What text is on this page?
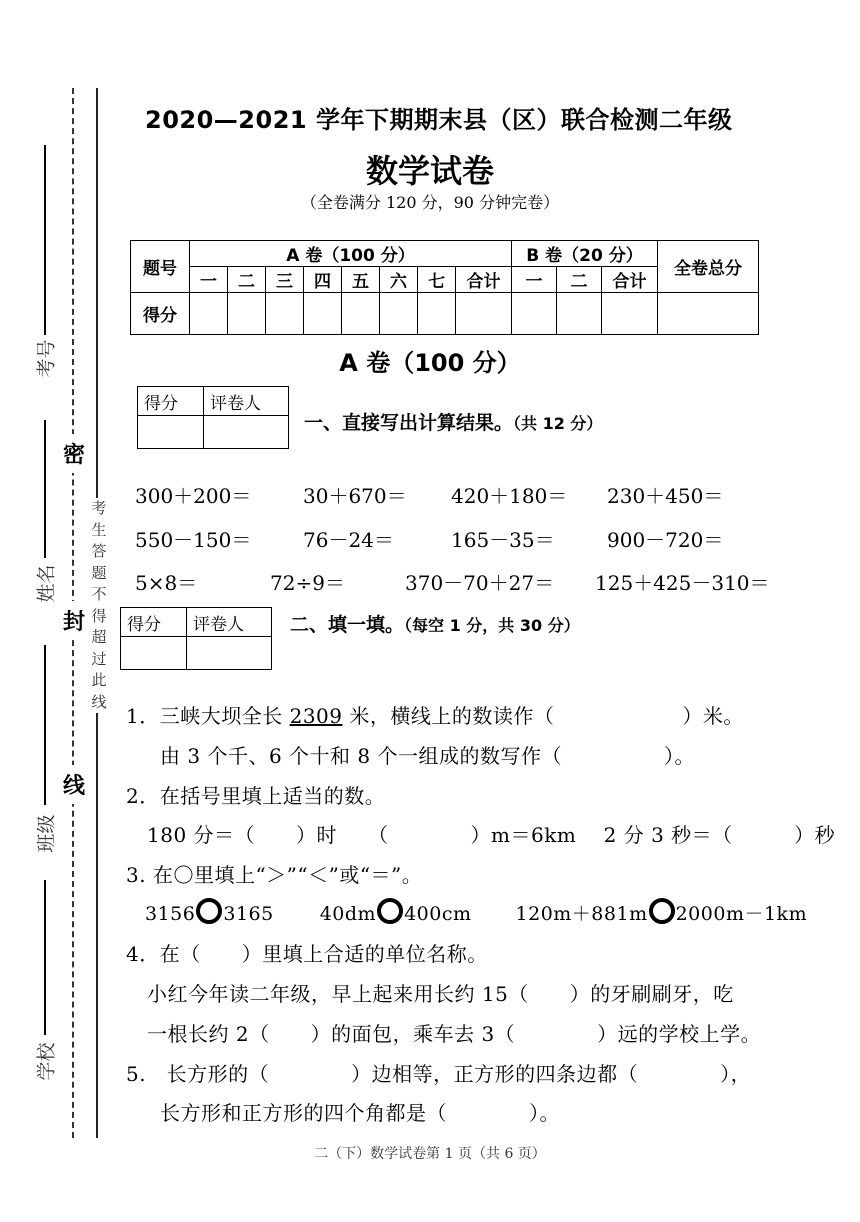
考号
姓名
班级
学校
密
封
线
考生答题不得超过此线
2020—2021 学年下期期末县（区）联合检测二年级
数学试卷
（全卷满分 120 分，90 分钟完卷）
题号	A 卷（100 分）								B 卷（20 分）			全卷总分
	一	二	三	四	五	六	七	合计	一	二	合计	
得分												
A 卷（100 分）
得分	评卷人

一、直接写出计算结果。（共 12 分）
300＋200＝	30＋670＝ 420＋180＝ 230＋450＝
550－150＝	76－24＝	165－35＝	900－720＝
5×8＝	72÷9＝	370－70＋27＝ 125＋425－310＝
得分	评卷人
	二、填一填。（每空 1 分，共 30 分）
1．三峡大坝全长 2309 米，横线上的数读作（	）米。
由 3 个千、6 个十和 8 个一组成的数写作（	）。
2．在括号里填上适当的数。
180 分＝（　　）时　　（　　　　）m＝6km　 2 分 3 秒＝（　　　）秒
3. 在〇里填上“＞”“＜”或“＝”。
3156 3165 40dm 400cm 120m＋881m 2000m－1km
4．在（　　）里填上合适的单位名称。
小红今年读二年级，早上起来用长约 15（　　）的牙刷刷牙，吃
一根长约 2（　　）的面包，乘车去 3（　　　　）远的学校上学。
5.　长方形的（　　　　）边相等，正方形的四条边都（　　　　），
长方形和正方形的四个角都是（　　　　）。
二（下）数学试卷第 1 页（共 6 页）
